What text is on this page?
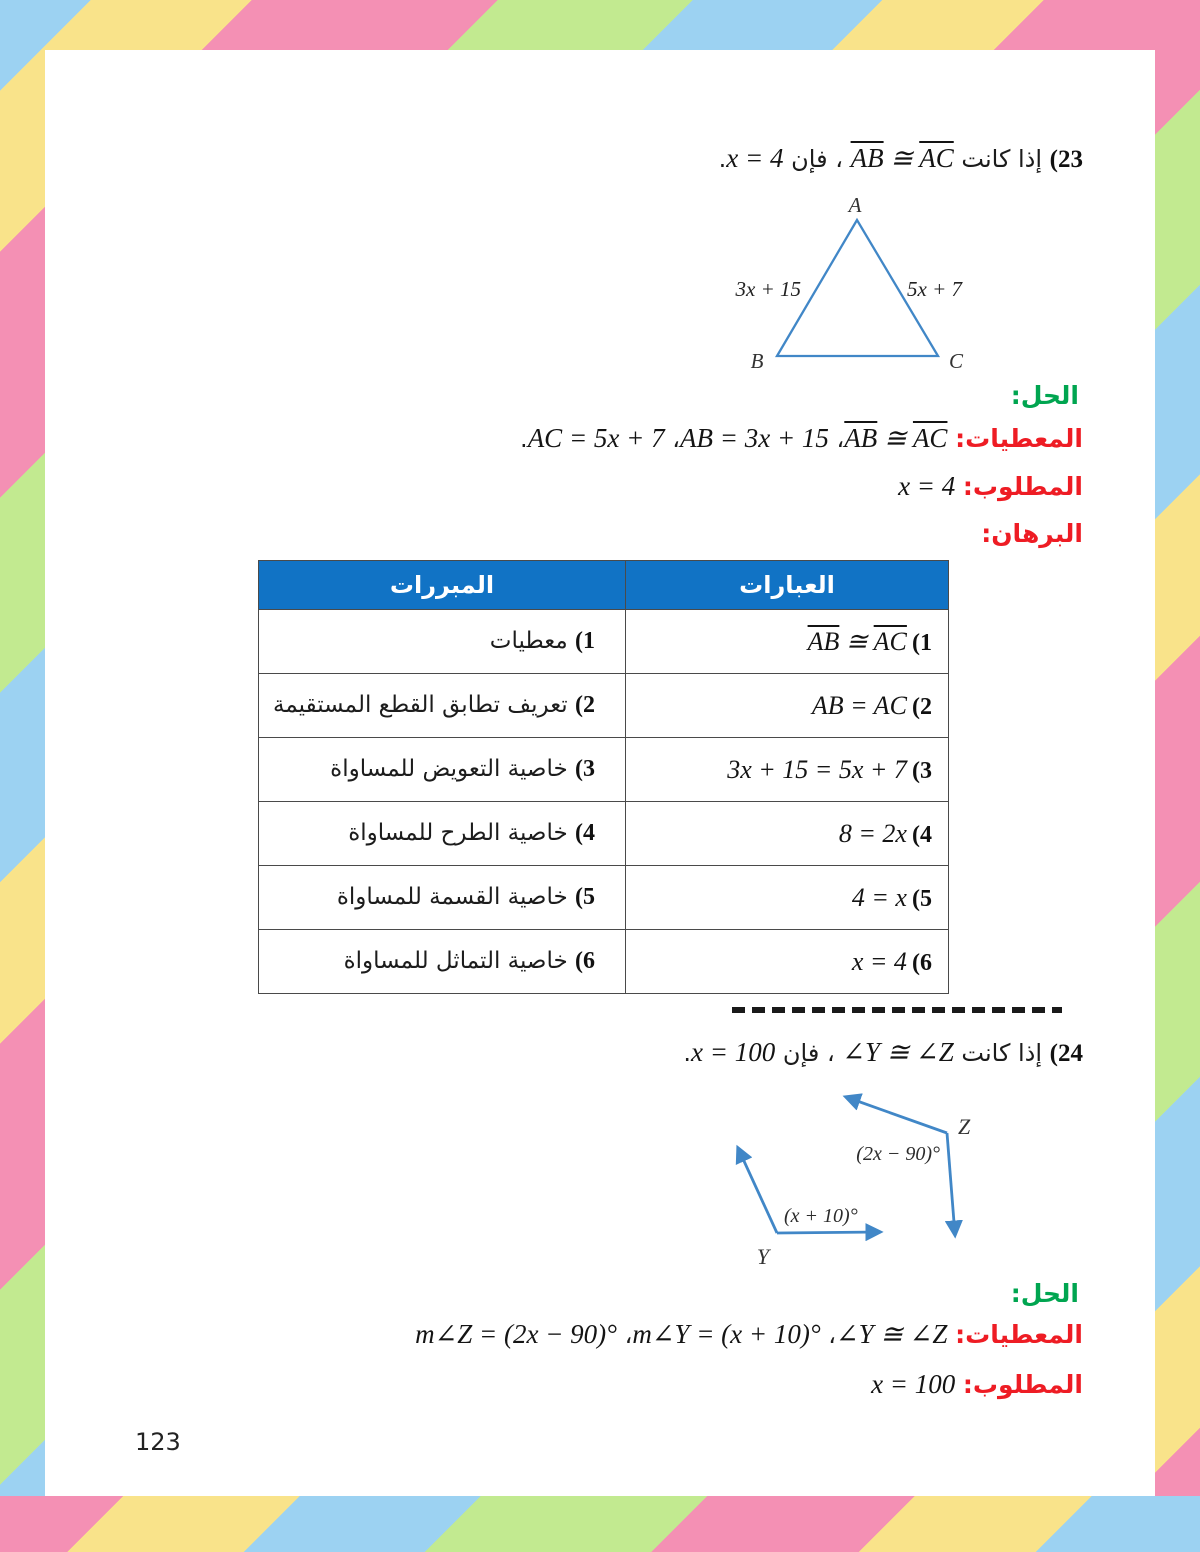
(23 إذا كانت $\overline{AB}$ ≅ $\overline{AC}$ ، فإن x = 4.
A
B	C
3x + 15	5x + 7
الحل:
المعطيات: $\overline{AB}$ ≅ $\overline{AC}،$ AB = 3x + 15، AC = 5x + 7.
المطلوب: x = 4
البرهان:
العبارات	المبررات
(1 $\overline{AB}$ ≅ $\overline{AC}$	(1 معطيات
(2 AB = AC	(2 تعريف تطابق القطع المستقيمة
(3 3x + 15 = 5x + 7	(3 خاصية التعويض للمساواة
(4 8 = 2x	(4 خاصية الطرح للمساواة
(5 4 = x	(5 خاصية القسمة للمساواة
(6 x = 4	(6 خاصية التماثل للمساواة
(24 إذا كانت ∠Y ≅ ∠Z ، فإن x = 100.
Z
(2x − 90)°
Y
(x + 10)°
الحل:
المعطيات: ∠Y ≅ ∠Z، m∠Y = (x + 10)°، m∠Z = (2x − 90)°
المطلوب: x = 100
123
